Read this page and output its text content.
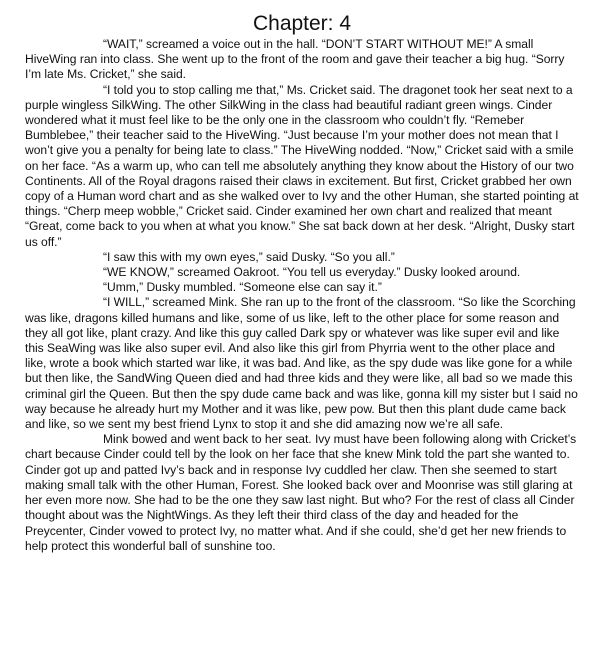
Chapter: 4

“WAIT,” screamed a voice out in the hall. “DON’T START WITHOUT ME!” A small HiveWing ran into class. She went up to the front of the room and gave their teacher a big hug. “Sorry I’m late Ms. Cricket,” she said.

“I told you to stop calling me that,” Ms. Cricket said. The dragonet took her seat next to a purple wingless SilkWing. The other SilkWing in the class had beautiful radiant green wings. Cinder wondered what it must feel like to be the only one in the classroom who couldn’t fly. “Remeber Bumblebee,” their teacher said to the HiveWing. “Just because I’m your mother does not mean that I won’t give you a penalty for being late to class.” The HiveWing nodded. “Now,” Cricket said with a smile on her face. “As a warm up, who can tell me absolutely anything they know about the History of our two Continents. All of the Royal dragons raised their claws in excitement. But first, Cricket grabbed her own copy of a Human word chart and as she walked over to Ivy and the other Human, she started pointing at things. “Cherp meep wobble,” Cricket said. Cinder examined her own chart and realized that meant “Great, come back to you when at what you know.” She sat back down at her desk. “Alright, Dusky start us off.”

“I saw this with my own eyes,” said Dusky. “So you all.”

“WE KNOW,” screamed Oakroot. “You tell us everyday.” Dusky looked around.

“Umm,” Dusky mumbled. “Someone else can say it.”

“I WILL,” screamed Mink. She ran up to the front of the classroom. “So like the Scorching was like, dragons killed humans and like, some of us like, left to the other place for some reason and they all got like, plant crazy. And like this guy called Dark spy or whatever was like super evil and like this SeaWing was like also super evil. And also like this girl from Phyrria went to the other place and like, wrote a book which started war like, it was bad. And like, as the spy dude was like gone for a while but then like, the SandWing Queen died and had three kids and they were like, all bad so we made this criminal girl the Queen. But then the spy dude came back and was like, gonna kill my sister but I said no way because he already hurt my Mother and it was like, pew pow. But then this plant dude came back and like, so we sent my best friend Lynx to stop it and she did amazing now we’re all safe.

Mink bowed and went back to her seat. Ivy must have been following along with Cricket’s chart because Cinder could tell by the look on her face that she knew Mink told the part she wanted to. Cinder got up and patted Ivy’s back and in response Ivy cuddled her claw. Then she seemed to start making small talk with the other Human, Forest. She looked back over and Moonrise was still glaring at her even more now. She had to be the one they saw last night. But who? For the rest of class all Cinder thought about was the NightWings. As they left their third class of the day and headed for the Preycenter, Cinder vowed to protect Ivy, no matter what. And if she could, she’d get her new friends to help protect this wonderful ball of sunshine too.
